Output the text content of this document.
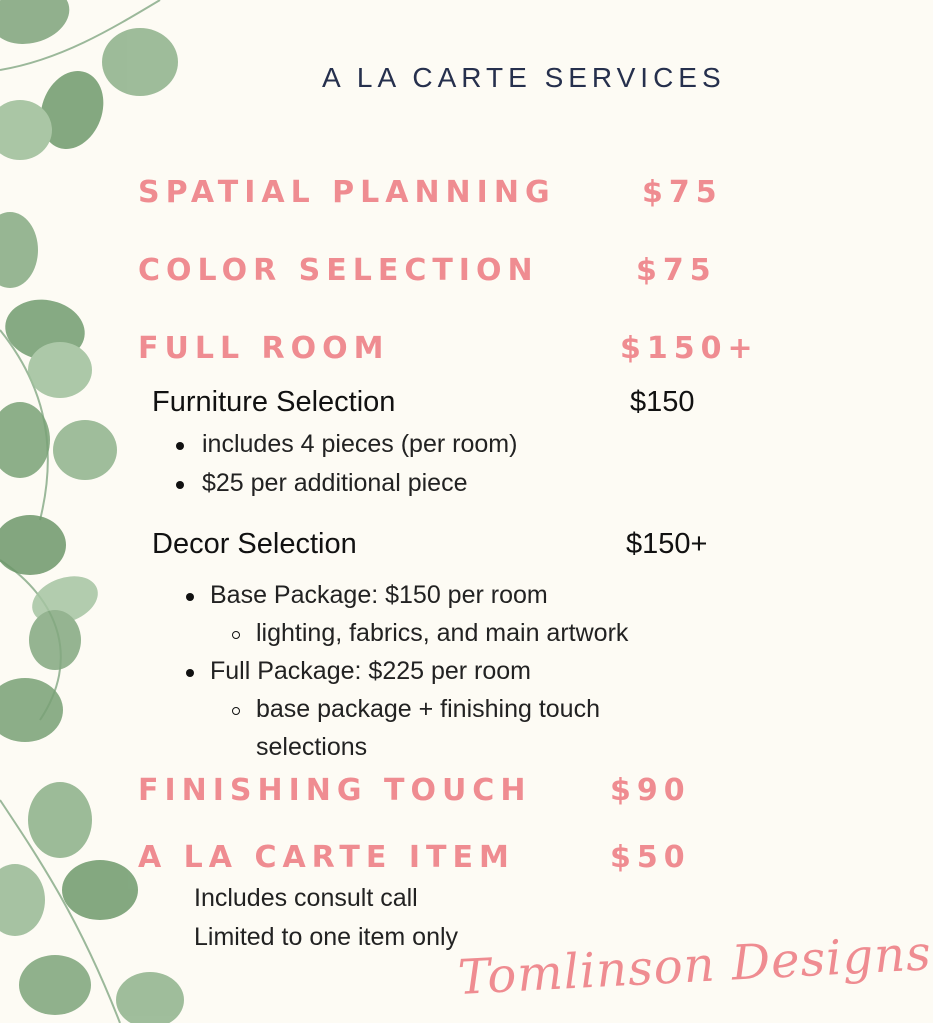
A LA CARTE SERVICES
SPATIAL PLANNING	$75
COLOR SELECTION	$75
FULL ROOM	$150+
Furniture Selection	$150
includes 4 pieces (per room)
$25 per additional piece
Decor Selection	$150+
Base Package: $150 per room
lighting, fabrics, and main artwork
Full Package: $225 per room
base package + finishing touch
selections
FINISHING TOUCH	$90
A LA CARTE ITEM	$50
Includes consult call
Limited to one item only
Tomlinson Designs
